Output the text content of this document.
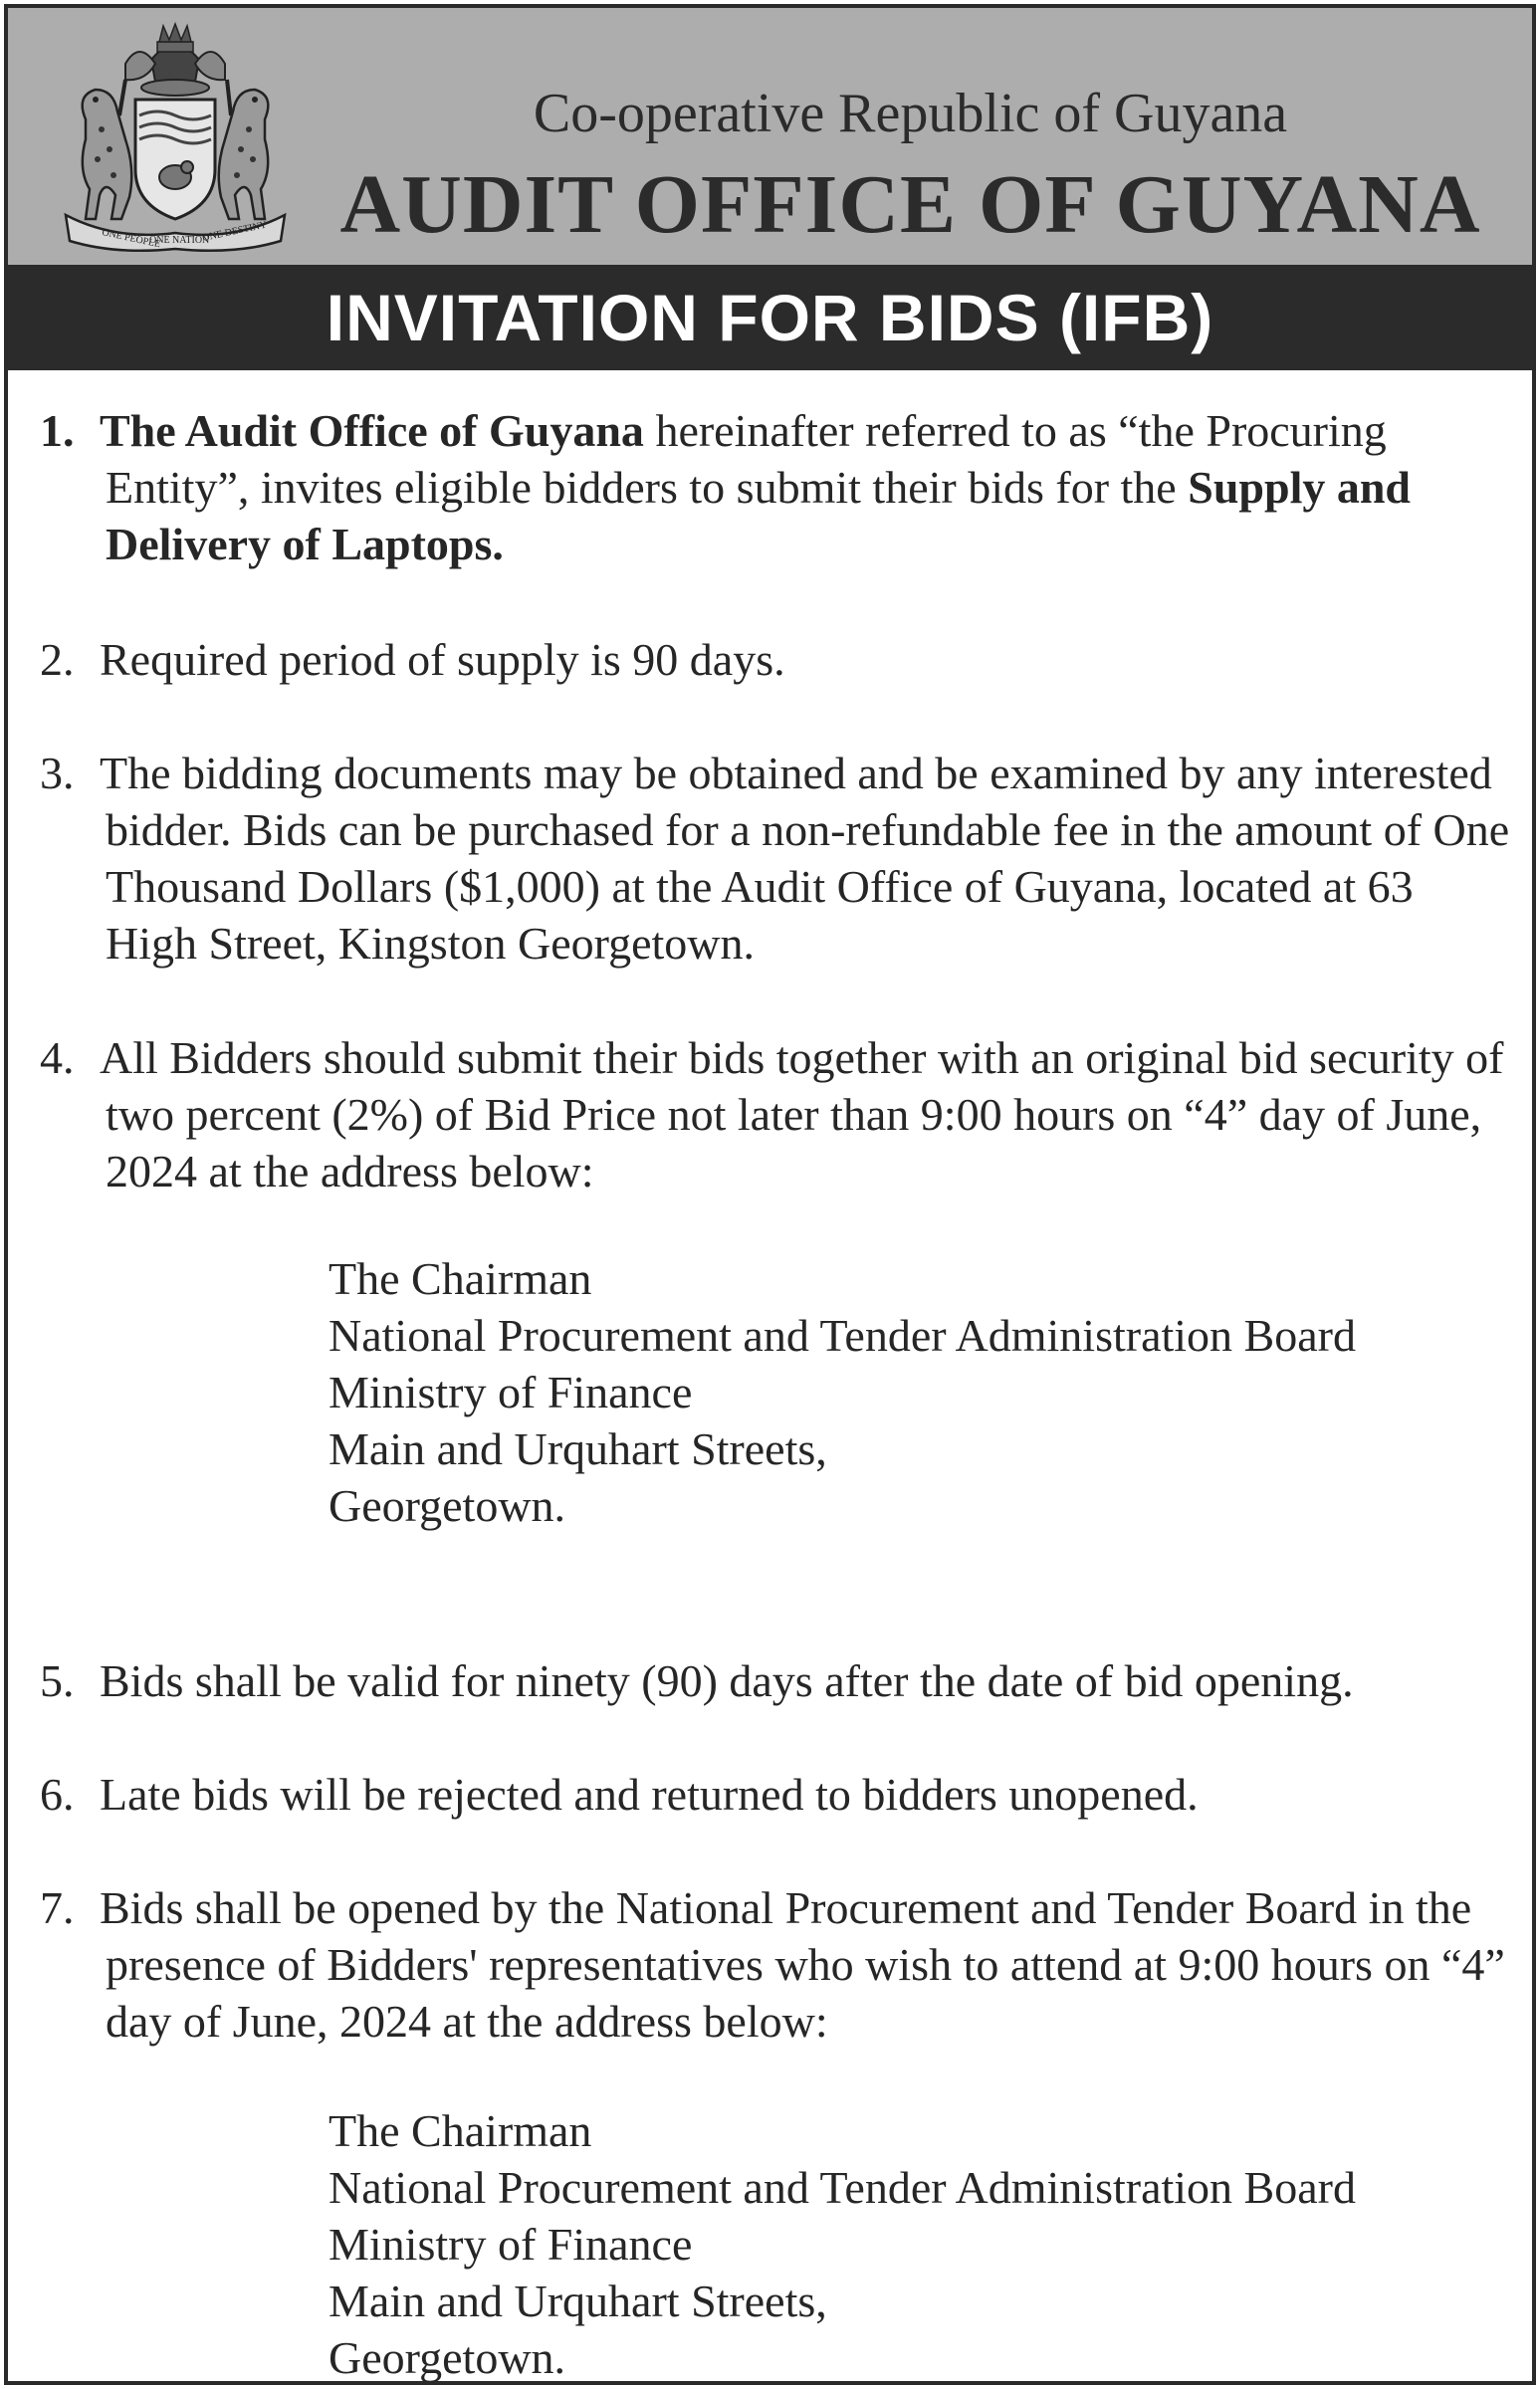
ONE PEOPLE
ONE NATION
ONE DESTINY
Co-operative Republic of Guyana
AUDIT OFFICE OF GUYANA
INVITATION FOR BIDS (IFB)
1. The Audit Office of Guyana hereinafter referred to as “the Procuring Entity”, invites eligible bidders to submit their bids for the Supply and Delivery of Laptops.
2. Required period of supply is 90 days.
3. The bidding documents may be obtained and be examined by any interested bidder. Bids can be purchased for a non-refundable fee in the amount of One Thousand Dollars ($1,000) at the Audit Office of Guyana, located at 63 High Street, Kingston Georgetown.
4. All Bidders should submit their bids together with an original bid security of two percent (2%) of Bid Price not later than 9:00 hours on “4” day of June, 2024 at the address below:
The Chairman
National Procurement and Tender Administration Board
Ministry of Finance
Main and Urquhart Streets,
Georgetown.
5. Bids shall be valid for ninety (90) days after the date of bid opening.
6. Late bids will be rejected and returned to bidders unopened.
7. Bids shall be opened by the National Procurement and Tender Board in the presence of Bidders' representatives who wish to attend at 9:00 hours on “4” day of June, 2024 at the address below:
The Chairman
National Procurement and Tender Administration Board
Ministry of Finance
Main and Urquhart Streets,
Georgetown.
